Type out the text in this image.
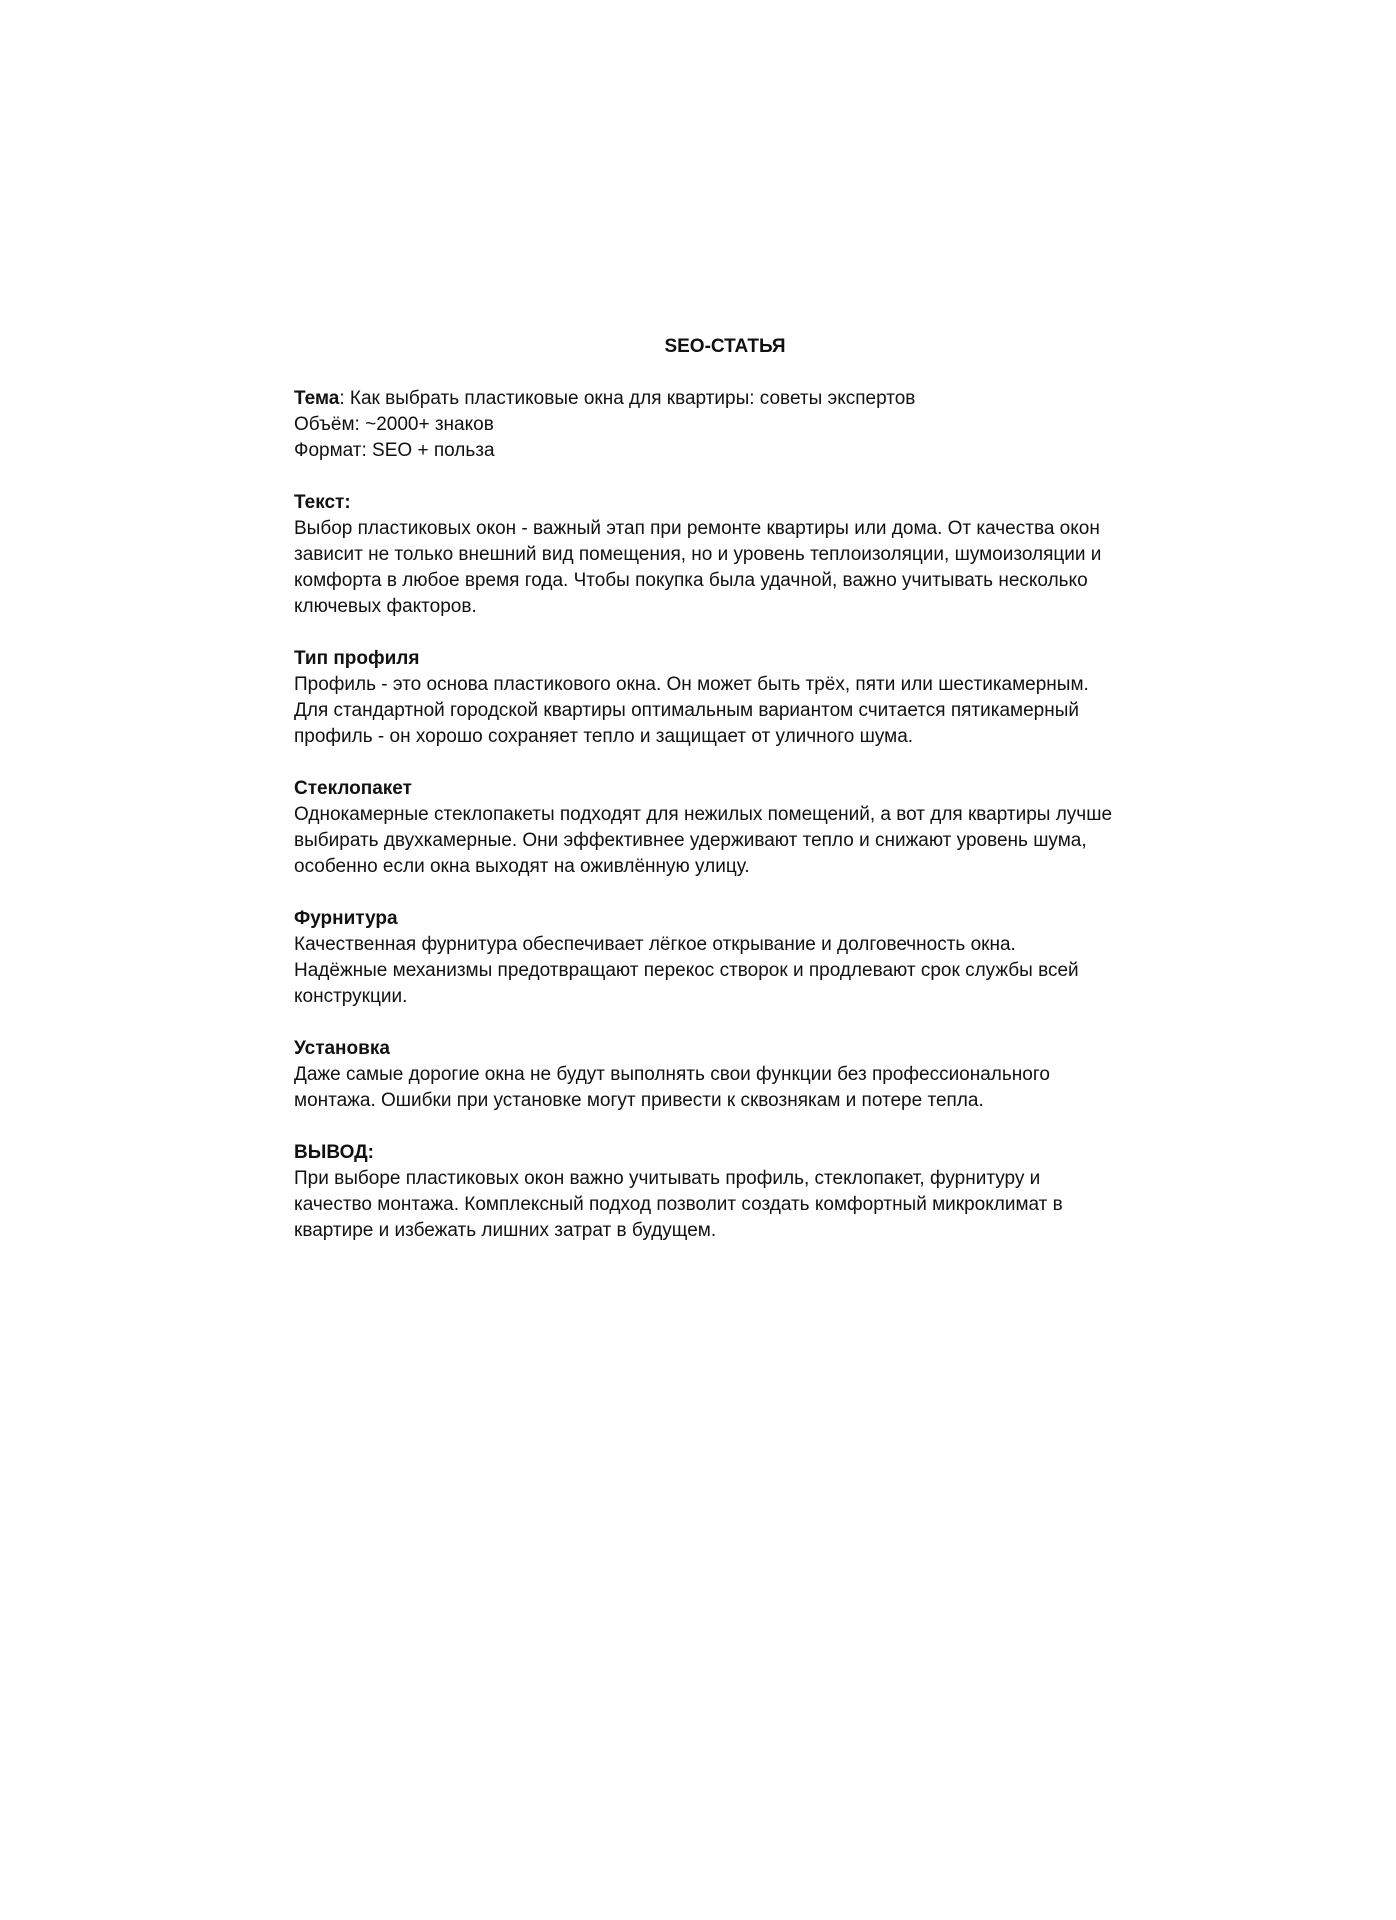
SEO-СТАТЬЯ
Тема: Как выбрать пластиковые окна для квартиры: советы экспертов
Объём: ~2000+ знаков
Формат: SEO + польза
Текст:

Выбор пластиковых окон - важный этап при ремонте квартиры или дома. От качества окон зависит не только внешний вид помещения, но и уровень теплоизоляции, шумоизоляции и комфорта в любое время года. Чтобы покупка была удачной, важно учитывать несколько ключевых факторов.

Тип профиля

Профиль - это основа пластикового окна. Он может быть трёх, пяти или шестикамерным. Для стандартной городской квартиры оптимальным вариантом считается пятикамерный профиль - он хорошо сохраняет тепло и защищает от уличного шума.

Стеклопакет

Однокамерные стеклопакеты подходят для нежилых помещений, а вот для квартиры лучше выбирать двухкамерные. Они эффективнее удерживают тепло и снижают уровень шума, особенно если окна выходят на оживлённую улицу.

Фурнитура

Качественная фурнитура обеспечивает лёгкое открывание и долговечность окна. Надёжные механизмы предотвращают перекос створок и продлевают срок службы всей конструкции.

Установка

Даже самые дорогие окна не будут выполнять свои функции без профессионального монтажа. Ошибки при установке могут привести к сквознякам и потере тепла.

ВЫВОД:

При выборе пластиковых окон важно учитывать профиль, стеклопакет, фурнитуру и качество монтажа. Комплексный подход позволит создать комфортный микроклимат в квартире и избежать лишних затрат в будущем.
